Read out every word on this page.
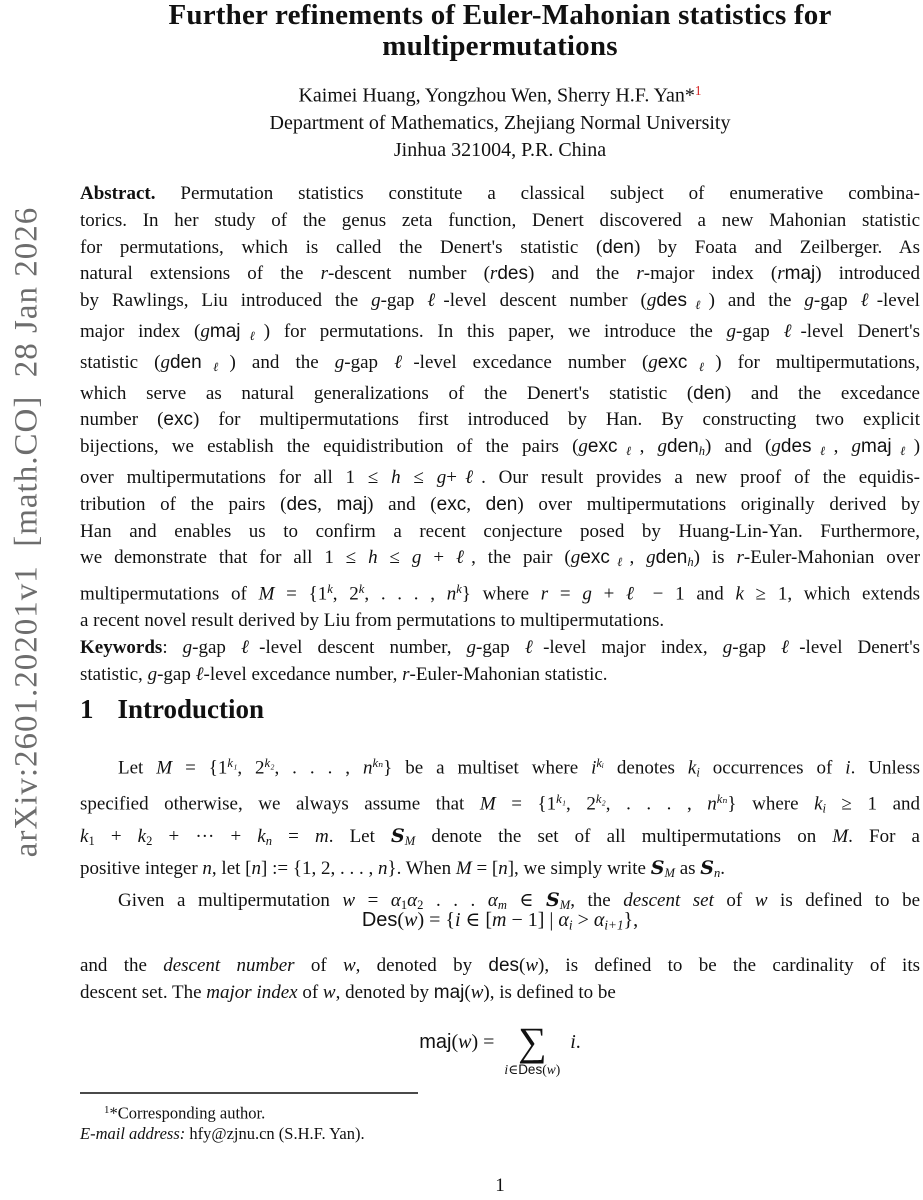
arXiv:2601.20201v1  [math.CO]  28 Jan 2026
Further refinements of Euler-Mahonian statistics for
multipermutations
Kaimei Huang, Yongzhou Wen, Sherry H.F. Yan*$^1$
Department of Mathematics, Zhejiang Normal University
Jinhua 321004, P.R. China
Abstract. Permutation statistics constitute a classical subject of enumerative combina-
torics. In her study of the genus zeta function, Denert discovered a new Mahonian statistic
for permutations, which is called the Denert's statistic (den) by Foata and Zeilberger. As
natural extensions of the r-descent number (rdes) and the r-major index (rmaj) introduced
by Rawlings, Liu introduced the g-gap ℓ-level descent number (gdes$_\ell$) and the g-gap ℓ-level
major index (gmaj$_\ell$) for permutations. In this paper, we introduce the g-gap ℓ-level Denert's
statistic (gden$_\ell$) and the g-gap ℓ-level excedance number (gexc$_\ell$) for multipermutations,
which serve as natural generalizations of the Denert's statistic (den) and the excedance
number (exc) for multipermutations first introduced by Han. By constructing two explicit
bijections, we establish the equidistribution of the pairs (gexc$_\ell$, gden$_h$) and (gdes$_\ell$, gmaj$_\ell$)
over multipermutations for all 1 ≤ h ≤ g+ℓ. Our result provides a new proof of the equidis-
tribution of the pairs (des, maj) and (exc, den) over multipermutations originally derived by
Han and enables us to confirm a recent conjecture posed by Huang-Lin-Yan. Furthermore,
we demonstrate that for all 1 ≤ h ≤ g + ℓ, the pair (gexc$_\ell$, gden$_h$) is r-Euler-Mahonian over
multipermutations of $M = \{1^k$, 2$^k$, . . . , $n^k$} where r = g + ℓ − 1 and k ≥ 1, which extends
a recent novel result derived by Liu from permutations to multipermutations.
Keywords: g-gap ℓ-level descent number, g-gap ℓ-level major index, g-gap ℓ-level Denert's
statistic, g-gap ℓ-level excedance number, r-Euler-Mahonian statistic.
1 Introduction
Let $M = \{1^{k_1}$, $2^{k_2}$, . . . , $n^{k_n}$} be a multiset where $i^{kᵢ}$ denotes $k_i$ occurrences of i. Unless
specified otherwise, we always assume that $M = \{1^{k_1}$, $2^{k_2}$, . . . , $n^{k_n}$} where $k_i \ge 1$ and
$k_1 + k_2$ + ··· + $k_n = m$. Let $S_M$ denote the set of all multipermutations on M. For a
positive integer n, let [n] := {1, 2, . . . , n}. When M = [n], we simply write $S_M$ as $S_n$.
Given a multipermutation $w = \alpha_1\alpha_2$ . . . $\alpha_m$ ∈ $S_M$, the descent set of w is defined to be
Des(w) = {i ∈ [m − 1] | $\alpha_i > \alpha_{i+1}$},
and the descent number of w, denoted by des(w), is defined to be the cardinality of its
descent set. The major index of w, denoted by maj(w), is defined to be
maj(w) = ∑
i∈Des(w)
i.
$^1$*Corresponding author.
E-mail address: hfy@zjnu.cn (S.H.F. Yan).
1
